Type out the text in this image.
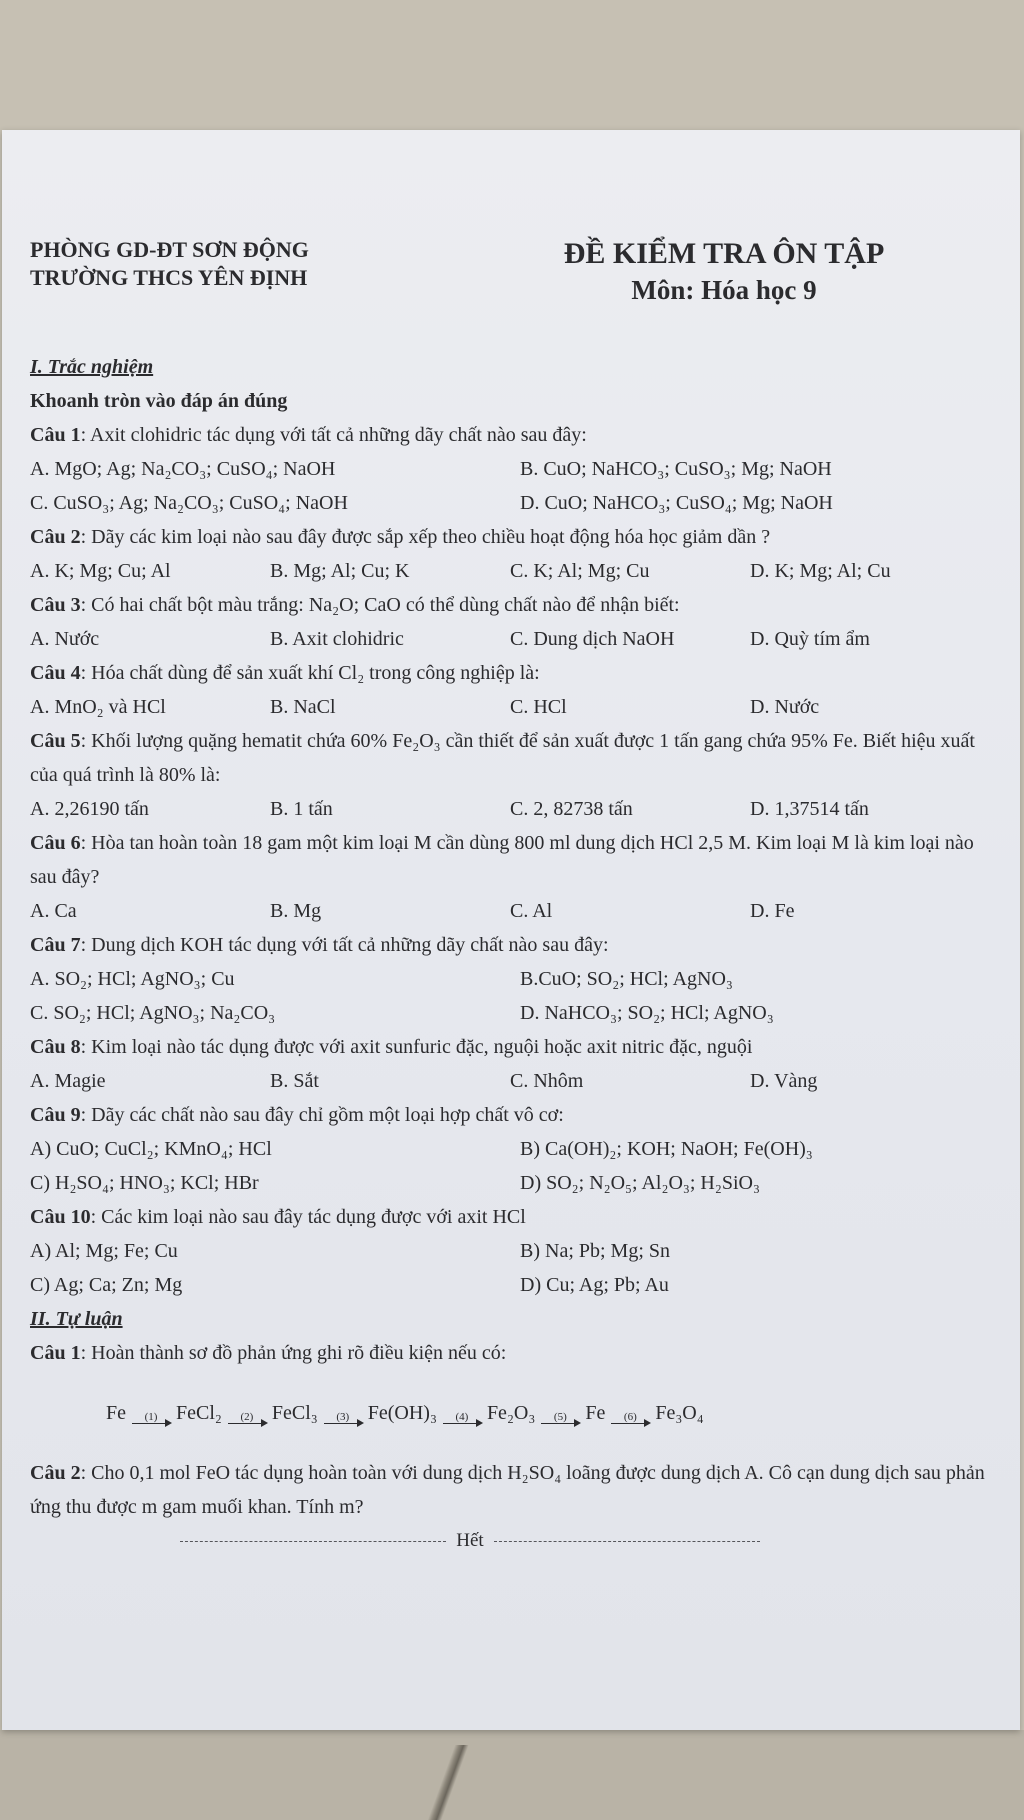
PHÒNG GD-ĐT SƠN ĐỘNG
TRƯỜNG THCS YÊN ĐỊNH
ĐỀ KIỂM TRA ÔN TẬP
Môn: Hóa học 9
I. Trắc nghiệm
Khoanh tròn vào đáp án đúng
Câu 1: Axit clohidric tác dụng với tất cả những dãy chất nào sau đây:
A. MgO; Ag; Na₂CO₃; CuSO₄; NaOH	B. CuO; NaHCO₃; CuSO₃; Mg; NaOH
C. CuSO₃; Ag; Na₂CO₃; CuSO₄; NaOH	D. CuO; NaHCO₃; CuSO₄; Mg; NaOH
Câu 2: Dãy các kim loại nào sau đây được sắp xếp theo chiều hoạt động hóa học giảm dần ?
A. K; Mg; Cu; Al	B. Mg; Al; Cu; K	C. K; Al; Mg; Cu	D. K; Mg; Al; Cu
Câu 3: Có hai chất bột màu trắng: Na₂O; CaO có thể dùng chất nào để nhận biết:
A. Nước	B. Axit clohidric	C. Dung dịch NaOH	D. Quỳ tím ẩm
Câu 4: Hóa chất dùng để sản xuất khí Cl₂ trong công nghiệp là:
A. MnO₂ và HCl	B. NaCl	C. HCl	D. Nước
Câu 5: Khối lượng quặng hematit chứa 60% Fe₂O₃ cần thiết để sản xuất được 1 tấn gang chứa 95% Fe. Biết hiệu xuất của quá trình là 80% là:
A. 2,26190 tấn	B. 1 tấn	C. 2, 82738 tấn	D. 1,37514 tấn
Câu 6: Hòa tan hoàn toàn 18 gam một kim loại M cần dùng 800 ml dung dịch HCl 2,5 M. Kim loại M là kim loại nào sau đây?
A. Ca	B. Mg	C. Al	D. Fe
Câu 7: Dung dịch KOH tác dụng với tất cả những dãy chất nào sau đây:
A. SO₂; HCl; AgNO₃; Cu	B.CuO; SO₂; HCl; AgNO₃
C. SO₂; HCl; AgNO₃; Na₂CO₃	D. NaHCO₃; SO₂; HCl; AgNO₃
Câu 8: Kim loại nào tác dụng được với axit sunfuric đặc, nguội hoặc axit nitric đặc, nguội
A. Magie	B. Sắt	C. Nhôm	D. Vàng
Câu 9: Dãy các chất nào sau đây chỉ gồm một loại hợp chất vô cơ:
A) CuO; CuCl₂; KMnO₄; HCl	B) Ca(OH)₂; KOH; NaOH; Fe(OH)₃
C) H₂SO₄; HNO₃; KCl; HBr	D) SO₂; N₂O₅; Al₂O₃; H₂SiO₃
Câu 10: Các kim loại nào sau đây tác dụng được với axit HCl
A) Al; Mg; Fe; Cu	B) Na; Pb; Mg; Sn
C) Ag; Ca; Zn; Mg	D) Cu; Ag; Pb; Au
II. Tự luận
Câu 1: Hoàn thành sơ đồ phản ứng ghi rõ điều kiện nếu có:
Fe (1) FeCl₂ (2) FeCl₃ (3) Fe(OH)₃ (4) Fe₂O₃ (5) Fe (6) Fe₃O₄
Câu 2: Cho 0,1 mol FeO tác dụng hoàn toàn với dung dịch H₂SO₄ loãng được dung dịch A. Cô cạn dung dịch sau phản ứng thu được m gam muối khan. Tính m?
Hết
